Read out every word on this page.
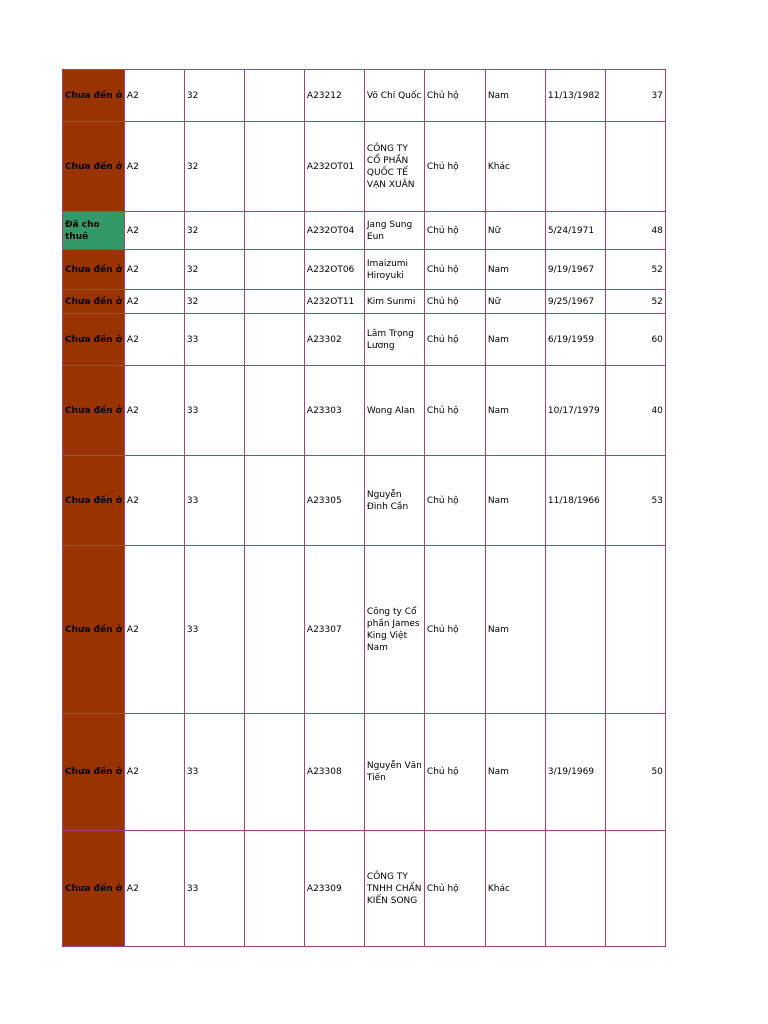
Chưa đến ở	A2	32		A23212	Võ Chí Quốc	Chủ hộ	Nam	11/13/1982	37
Chưa đến ở	A2	32		A232OT01	CÔNG TY CỔ PHẦN QUỐC TẾ VẠN XUÂN	Chủ hộ	Khác		
Đã cho thuê	A2	32		A232OT04	Jang Sung Eun	Chủ hộ	Nữ	5/24/1971	48
Chưa đến ở	A2	32		A232OT06	Imaizumi Hiroyuki	Chủ hộ	Nam	9/19/1967	52
Chưa đến ở	A2	32		A232OT11	Kim Sunmi	Chủ hộ	Nữ	9/25/1967	52
Chưa đến ở	A2	33		A23302	Lâm Trọng Lương	Chủ hộ	Nam	6/19/1959	60
Chưa đến ở	A2	33		A23303	Wong Alan	Chủ hộ	Nam	10/17/1979	40
Chưa đến ở	A2	33		A23305	Nguyễn Đình Cần	Chủ hộ	Nam	11/18/1966	53
Chưa đến ở	A2	33		A23307	Công ty Cổ phần James King Việt Nam	Chủ hộ	Nam		
Chưa đến ở	A2	33		A23308	Nguyễn Văn Tiến	Chủ hộ	Nam	3/19/1969	50
Chưa đến ở	A2	33		A23309	CÔNG TY TNHH CHẤN KIẾN SONG	Chủ hộ	Khác		
